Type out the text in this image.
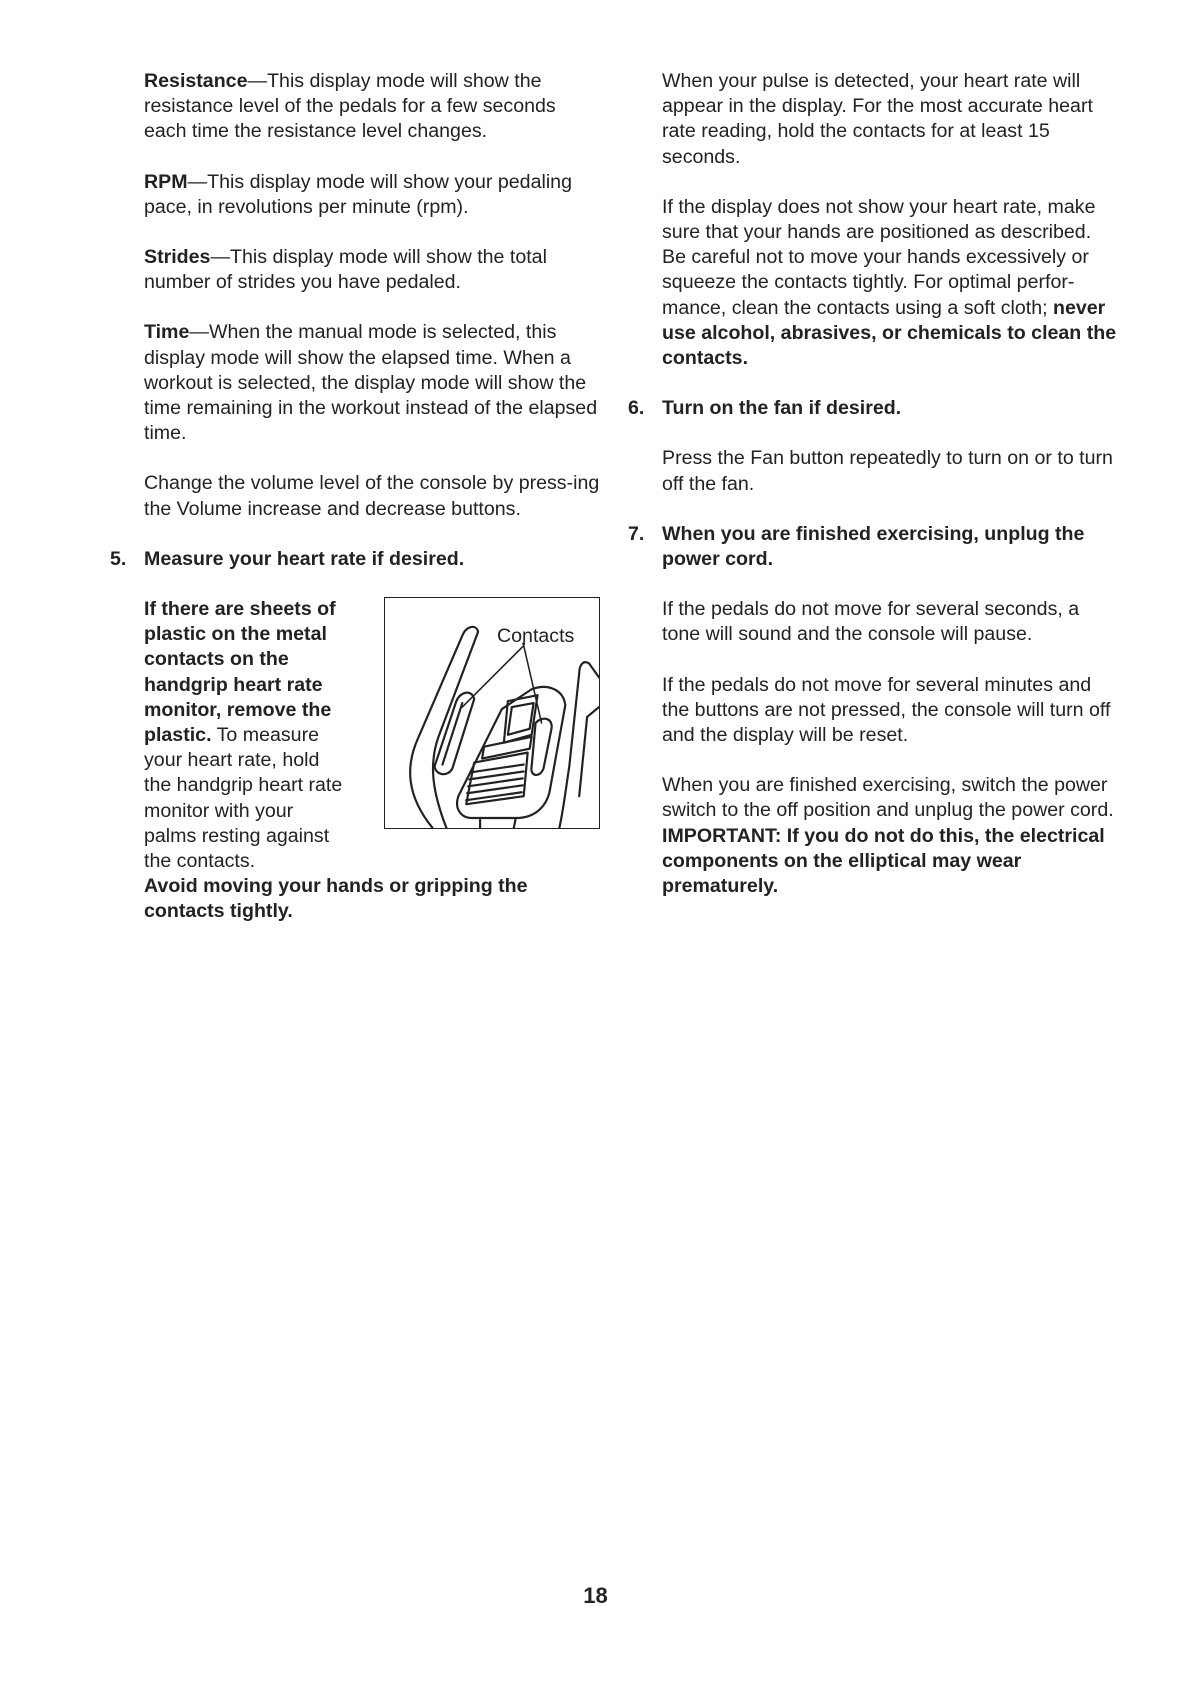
Resistance—This display mode will show the resistance level of the pedals for a few seconds each time the resistance level changes.

RPM—This display mode will show your pedaling pace, in revolutions per minute (rpm).

Strides—This display mode will show the total number of strides you have pedaled.

Time—When the manual mode is selected, this display mode will show the elapsed time. When a workout is selected, the display mode will show the time remaining in the workout instead of the elapsed time.

Change the volume level of the console by press-ing the Volume increase and decrease buttons.

5. Measure your heart rate if desired.
Contacts
If there are sheets of plastic on the metal contacts on the handgrip heart rate monitor, remove the plastic. To measure your heart rate, hold the handgrip heart rate monitor with your palms resting against the contacts.
Avoid moving your hands or gripping the contacts tightly.

When your pulse is detected, your heart rate will appear in the display. For the most accurate heart rate reading, hold the contacts for at least 15 seconds.

If the display does not show your heart rate, make sure that your hands are positioned as described. Be careful not to move your hands excessively or squeeze the contacts tightly. For optimal perfor-mance, clean the contacts using a soft cloth; never use alcohol, abrasives, or chemicals to clean the contacts.

6. Turn on the fan if desired.

Press the Fan button repeatedly to turn on or to turn off the fan.

7. When you are finished exercising, unplug the power cord.

If the pedals do not move for several seconds, a tone will sound and the console will pause.

If the pedals do not move for several minutes and the buttons are not pressed, the console will turn off and the display will be reset.

When you are finished exercising, switch the power switch to the off position and unplug the power cord. IMPORTANT: If you do not do this, the electrical components on the elliptical may wear prematurely.

18
